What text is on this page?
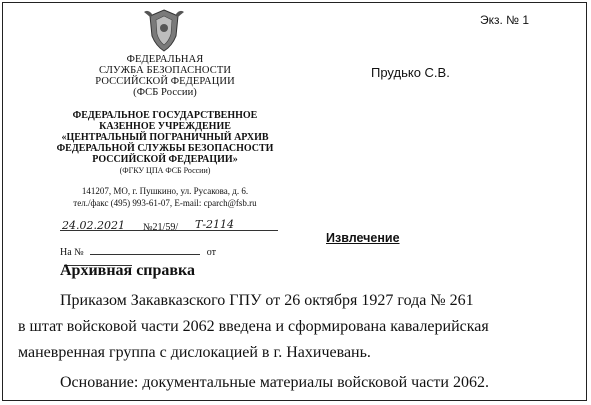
ФЕДЕРАЛЬНАЯ
СЛУЖБА БЕЗОПАСНОСТИ
РОССИЙСКОЙ ФЕДЕРАЦИИ
(ФСБ России)
ФЕДЕРАЛЬНОЕ ГОСУДАРСТВЕННОЕ
КАЗЕННОЕ УЧРЕЖДЕНИЕ
«ЦЕНТРАЛЬНЫЙ ПОГРАНИЧНЫЙ АРХИВ
ФЕДЕРАЛЬНОЙ СЛУЖБЫ БЕЗОПАСНОСТИ
РОССИЙСКОЙ ФЕДЕРАЦИИ»
(ФГКУ ЦПА ФСБ России)
141207, МО, г. Пушкино, ул. Русакова, д. 6.
тел./факс (495) 993-61-07, E-mail: cparch@fsb.ru
24.02.2021 №21/59/ Т-2114
На №	от
Экз. № 1
Прудько С.В.
Извлечение
Архивная справка
Приказом Закавказского ГПУ от 26 октября 1927 года № 261
в штат войсковой части 2062 введена и сформирована кавалерийская
маневренная группа с дислокацией в г. Нахичевань.
Основание: документальные материалы войсковой части 2062.
